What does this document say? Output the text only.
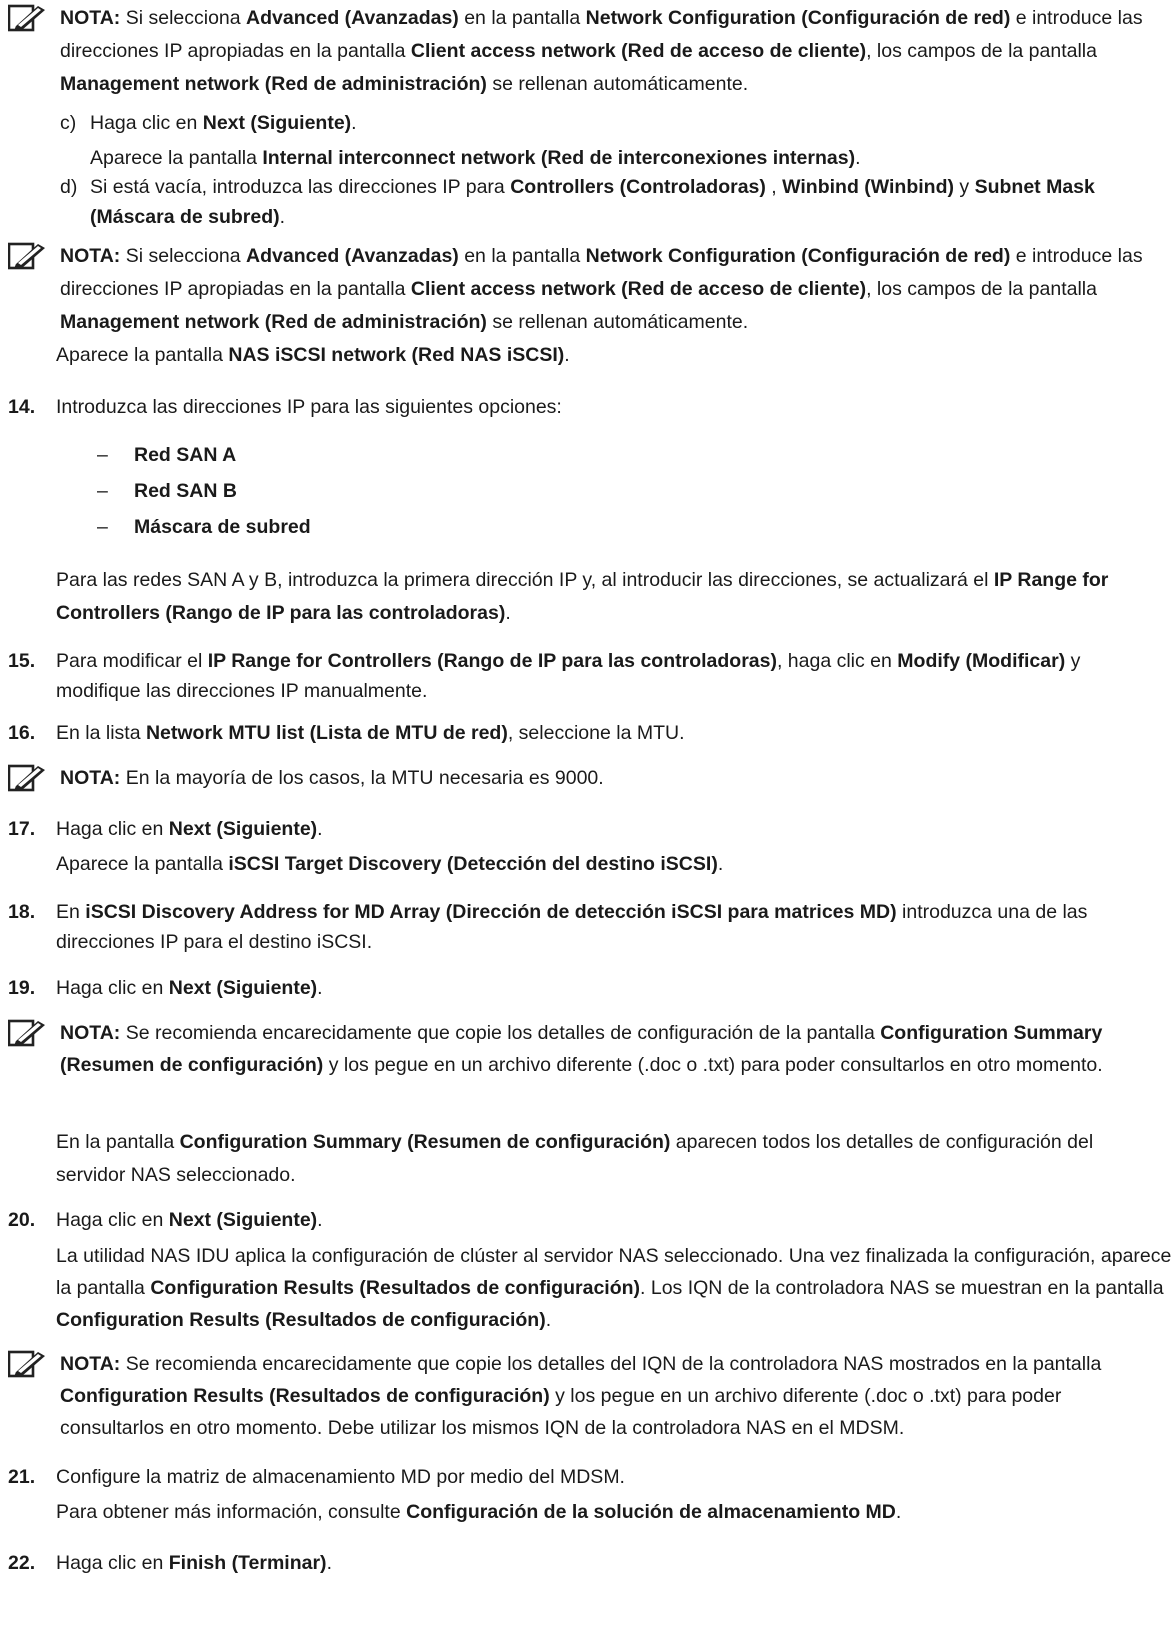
NOTA: Si selecciona Advanced (Avanzadas) en la pantalla Network Configuration (Configuración de red) e introduce las direcciones IP apropiadas en la pantalla Client access network (Red de acceso de cliente), los campos de la pantalla Management network (Red de administración) se rellenan automáticamente.
c) Haga clic en Next (Siguiente).
Aparece la pantalla Internal interconnect network (Red de interconexiones internas).
d) Si está vacía, introduzca las direcciones IP para Controllers (Controladoras) , Winbind (Winbind) y Subnet Mask (Máscara de subred).
NOTA: Si selecciona Advanced (Avanzadas) en la pantalla Network Configuration (Configuración de red) e introduce las direcciones IP apropiadas en la pantalla Client access network (Red de acceso de cliente), los campos de la pantalla Management network (Red de administración) se rellenan automáticamente.
Aparece la pantalla NAS iSCSI network (Red NAS iSCSI).
14. Introduzca las direcciones IP para las siguientes opciones:
– Red SAN A
– Red SAN B
– Máscara de subred
Para las redes SAN A y B, introduzca la primera dirección IP y, al introducir las direcciones, se actualizará el IP Range for Controllers (Rango de IP para las controladoras).
15. Para modificar el IP Range for Controllers (Rango de IP para las controladoras), haga clic en Modify (Modificar) y modifique las direcciones IP manualmente.
16. En la lista Network MTU list (Lista de MTU de red), seleccione la MTU.
NOTA: En la mayoría de los casos, la MTU necesaria es 9000.
17. Haga clic en Next (Siguiente).
Aparece la pantalla iSCSI Target Discovery (Detección del destino iSCSI).
18. En iSCSI Discovery Address for MD Array (Dirección de detección iSCSI para matrices MD) introduzca una de las direcciones IP para el destino iSCSI.
19. Haga clic en Next (Siguiente).
NOTA: Se recomienda encarecidamente que copie los detalles de configuración de la pantalla Configuration Summary (Resumen de configuración) y los pegue en un archivo diferente (.doc o .txt) para poder consultarlos en otro momento.
En la pantalla Configuration Summary (Resumen de configuración) aparecen todos los detalles de configuración del servidor NAS seleccionado.
20. Haga clic en Next (Siguiente).
La utilidad NAS IDU aplica la configuración de clúster al servidor NAS seleccionado. Una vez finalizada la configuración, aparece la pantalla Configuration Results (Resultados de configuración). Los IQN de la controladora NAS se muestran en la pantalla Configuration Results (Resultados de configuración).
NOTA: Se recomienda encarecidamente que copie los detalles del IQN de la controladora NAS mostrados en la pantalla Configuration Results (Resultados de configuración) y los pegue en un archivo diferente (.doc o .txt) para poder consultarlos en otro momento. Debe utilizar los mismos IQN de la controladora NAS en el MDSM.
21. Configure la matriz de almacenamiento MD por medio del MDSM.
Para obtener más información, consulte Configuración de la solución de almacenamiento MD.
22. Haga clic en Finish (Terminar).
